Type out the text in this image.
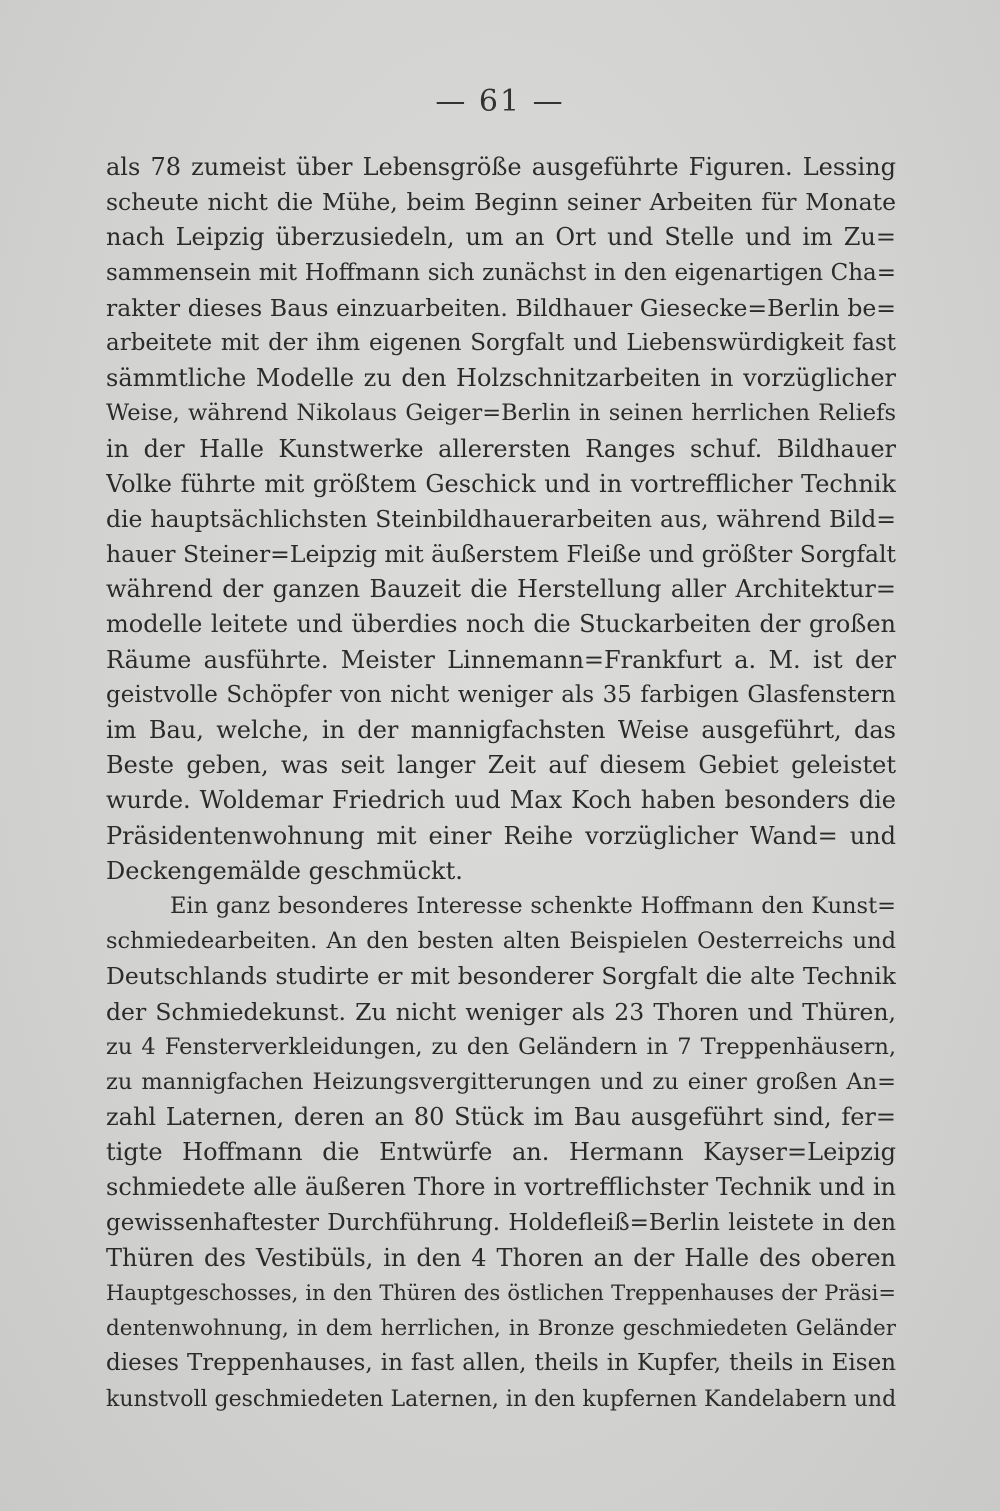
— 61 —
als 78 zumeist über Lebensgröße ausgeführte Figuren. Lessing
scheute nicht die Mühe, beim Beginn seiner Arbeiten für Monate
nach Leipzig überzusiedeln, um an Ort und Stelle und im Zu=
sammensein mit Hoffmann sich zunächst in den eigenartigen Cha=
rakter dieses Baus einzuarbeiten. Bildhauer Giesecke=Berlin be=
arbeitete mit der ihm eigenen Sorgfalt und Liebenswürdigkeit fast
sämmtliche Modelle zu den Holzschnitzarbeiten in vorzüglicher
Weise, während Nikolaus Geiger=Berlin in seinen herrlichen Reliefs
in der Halle Kunstwerke allerersten Ranges schuf. Bildhauer
Volke führte mit größtem Geschick und in vortrefflicher Technik
die hauptsächlichsten Steinbildhauerarbeiten aus, während Bild=
hauer Steiner=Leipzig mit äußerstem Fleiße und größter Sorgfalt
während der ganzen Bauzeit die Herstellung aller Architektur=
modelle leitete und überdies noch die Stuckarbeiten der großen
Räume ausführte. Meister Linnemann=Frankfurt a. M. ist der
geistvolle Schöpfer von nicht weniger als 35 farbigen Glasfenstern
im Bau, welche, in der mannigfachsten Weise ausgeführt, das
Beste geben, was seit langer Zeit auf diesem Gebiet geleistet
wurde. Woldemar Friedrich uud Max Koch haben besonders die
Präsidentenwohnung mit einer Reihe vorzüglicher Wand= und
Deckengemälde geschmückt.
Ein ganz besonderes Interesse schenkte Hoffmann den Kunst=
schmiedearbeiten. An den besten alten Beispielen Oesterreichs und
Deutschlands studirte er mit besonderer Sorgfalt die alte Technik
der Schmiedekunst. Zu nicht weniger als 23 Thoren und Thüren,
zu 4 Fensterverkleidungen, zu den Geländern in 7 Treppenhäusern,
zu mannigfachen Heizungsvergitterungen und zu einer großen An=
zahl Laternen, deren an 80 Stück im Bau ausgeführt sind, fer=
tigte Hoffmann die Entwürfe an. Hermann Kayser=Leipzig
schmiedete alle äußeren Thore in vortrefflichster Technik und in
gewissenhaftester Durchführung. Holdefleiß=Berlin leistete in den
Thüren des Vestibüls, in den 4 Thoren an der Halle des oberen
Hauptgeschosses, in den Thüren des östlichen Treppenhauses der Präsi=
dentenwohnung, in dem herrlichen, in Bronze geschmiedeten Geländer
dieses Treppenhauses, in fast allen, theils in Kupfer, theils in Eisen
kunstvoll geschmiedeten Laternen, in den kupfernen Kandelabern und
